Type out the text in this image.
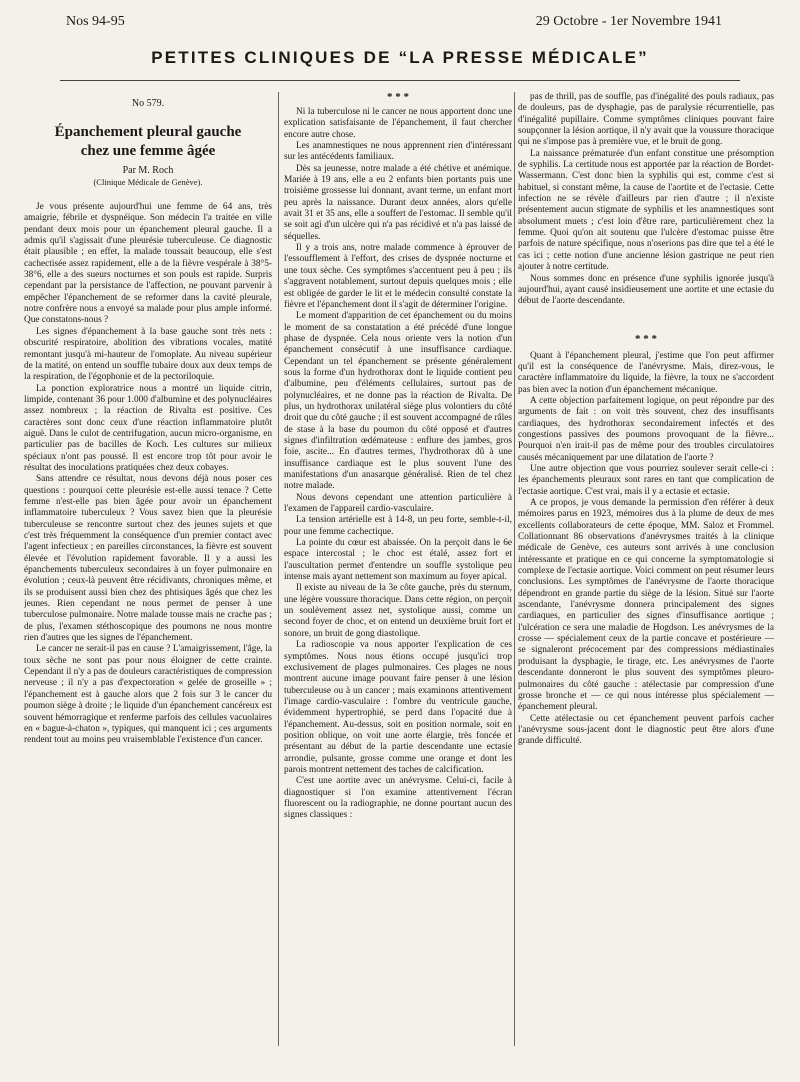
Nos 94-95	29 Octobre - 1er Novembre 1941
PETITES CLINIQUES DE “LA PRESSE MÉDICALE”
No 579.
Épanchement pleural gauche
chez une femme âgée
Par M. Roch
(Clinique Médicale de Genève).

Je vous présente aujourd'hui une femme de 64 ans, très amaigrie, fébrile et dyspnéique. Son médecin l'a traitée en ville pendant deux mois pour un épanchement pleural gauche. Il a admis qu'il s'agissait d'une pleurésie tuberculeuse. Ce diagnostic était plausible ; en effet, la malade toussait beaucoup, elle s'est cachectisée assez rapidement, elle a de la fièvre vespérale à 38°5-38°6, elle a des sueurs nocturnes et son pouls est rapide. Surpris cependant par la persistance de l'affection, ne pouvant parvenir à empêcher l'épanchement de se reformer dans la cavité pleurale, notre confrère nous a envoyé sa malade pour plus ample informé. Que constatons-nous ?

Les signes d'épanchement à la base gauche sont très nets : obscurité respiratoire, abolition des vibrations vocales, matité remontant jusqu'à mi-hauteur de l'omoplate. Au niveau supérieur de la matité, on entend un souffle tubaire doux aux deux temps de la respiration, de l'égophonie et de la pectoriloquie.

La ponction exploratrice nous a montré un liquide citrin, limpide, contenant 36 pour 1.000 d'albumine et des polynucléaires assez nombreux ; la réaction de Rivalta est positive. Ces caractères sont donc ceux d'une réaction inflammatoire plutôt aiguë. Dans le culot de centrifugation, aucun micro-organisme, en particulier pas de bacilles de Koch. Les cultures sur milieux spéciaux n'ont pas poussé. Il est encore trop tôt pour avoir le résultat des inoculations pratiquées chez deux cobayes.

Sans attendre ce résultat, nous devons déjà nous poser ces questions : pourquoi cette pleurésie est-elle aussi tenace ? Cette femme n'est-elle pas bien âgée pour avoir un épanchement inflammatoire tuberculeux ? Vous savez bien que la pleurésie tuberculeuse se rencontre surtout chez des jeunes sujets et que c'est très fréquemment la conséquence d'un premier contact avec l'agent infectieux ; en pareilles circonstances, la fièvre est souvent élevée et l'évolution rapidement favorable. Il y a aussi les épanchements tuberculeux secondaires à un foyer pulmonaire en évolution ; ceux-là peuvent être récidivants, chroniques même, et ils se produisent aussi bien chez des phtisiques âgés que chez les jeunes. Rien cependant ne nous permet de penser à une tuberculose pulmonaire. Notre malade tousse mais ne crache pas ; de plus, l'examen stéthoscopique des poumons ne nous montre rien d'autres que les signes de l'épanchement.

Le cancer ne serait-il pas en cause ? L'amaigrissement, l'âge, la toux sèche ne sont pas pour nous éloigner de cette crainte. Cependant il n'y a pas de douleurs caractéristiques de compression nerveuse ; il n'y a pas d'expectoration « gelée de groseille » ; l'épanchement est à gauche alors que 2 fois sur 3 le cancer du poumon siège à droite ; le liquide d'un épanchement cancéreux est souvent hémorragique et renferme parfois des cellules vacuolaires en « bague-à-chaton », typiques, qui manquent ici ; ces arguments rendent tout au moins peu vraisemblable l'existence d'un cancer.

* * *

Ni la tuberculose ni le cancer ne nous apportent donc une explication satisfaisante de l'épanchement, il faut chercher encore autre chose.

Les anamnestiques ne nous apprennent rien d'intéressant sur les antécédents familiaux.

Dès sa jeunesse, notre malade a été chétive et anémique. Mariée à 19 ans, elle a eu 2 enfants bien portants puis une troisième grossesse lui donnant, avant terme, un enfant mort peu après la naissance. Durant deux années, alors qu'elle avait 31 et 35 ans, elle a souffert de l'estomac. Il semble qu'il se soit agi d'un ulcère qui n'a pas récidivé et n'a pas laissé de séquelles.

Il y a trois ans, notre malade commence à éprouver de l'essoufflement à l'effort, des crises de dyspnée nocturne et une toux sèche. Ces symptômes s'accentuent peu à peu ; ils s'aggravent notablement, surtout depuis quelques mois ; elle est obligée de garder le lit et le médecin consulté constate la fièvre et l'épanchement dont il s'agit de déterminer l'origine.

Le moment d'apparition de cet épanchement ou du moins le moment de sa constatation a été précédé d'une longue phase de dyspnée. Cela nous oriente vers la notion d'un épanchement consécutif à une insuffisance cardiaque. Cependant un tel épanchement se présente généralement sous la forme d'un hydrothorax dont le liquide contient peu d'albumine, peu d'éléments cellulaires, surtout pas de polynucléaires, et ne donne pas la réaction de Rivalta. De plus, un hydrothorax unilatéral siège plus volontiers du côté droit que du côté gauche ; il est souvent accompagné de râles de stase à la base du poumon du côté opposé et d'autres signes d'infiltration œdémateuse : enflure des jambes, gros foie, ascite... En d'autres termes, l'hydrothorax dû à une insuffisance cardiaque est le plus souvent l'une des manifestations d'un anasarque généralisé. Rien de tel chez notre malade.

Nous devons cependant une attention particulière à l'examen de l'appareil cardio-vasculaire.

La tension artérielle est à 14-8, un peu forte, semble-t-il, pour une femme cachectique.

La pointe du cœur est abaissée. On la perçoit dans le 6e espace intercostal ; le choc est étalé, assez fort et l'auscultation permet d'entendre un souffle systolique peu intense mais ayant nettement son maximum au foyer apical.

Il existe au niveau de la 3e côte gauche, près du sternum, une légère voussure thoracique. Dans cette région, on perçoit un soulèvement assez net, systolique aussi, comme un second foyer de choc, et on entend un deuxième bruit fort et sonore, un bruit de gong diastolique.

La radioscopie va nous apporter l'explication de ces symptômes. Nous nous étions occupé jusqu'ici trop exclusivement de plages pulmonaires. Ces plages ne nous montrent aucune image pouvant faire penser à une lésion tuberculeuse ou à un cancer ; mais examinons attentivement l'image cardio-vasculaire : l'ombre du ventricule gauche, évidemment hypertrophié, se perd dans l'opacité due à l'épanchement. Au-dessus, soit en position normale, soit en position oblique, on voit une aorte élargie, très foncée et présentant au début de la partie descendante une ectasie arrondie, pulsante, grosse comme une orange et dont les parois montrent nettement des taches de calcification.

C'est une aortite avec un anévrysme. Celui-ci, facile à diagnostiquer si l'on examine attentivement l'écran fluorescent ou la radiographie, ne donne pourtant aucun des signes classiques :

pas de thrill, pas de souffle, pas d'inégalité des pouls radiaux, pas de douleurs, pas de dysphagie, pas de paralysie récurrentielle, pas d'inégalité pupillaire. Comme symptômes cliniques pouvant faire soupçonner la lésion aortique, il n'y avait que la voussure thoracique qui ne s'impose pas à première vue, et le bruit de gong.

La naissance prématurée d'un enfant constitue une présomption de syphilis. La certitude nous est apportée par la réaction de Bordet-Wassermann. C'est donc bien la syphilis qui est, comme c'est si habituel, si constant même, la cause de l'aortite et de l'ectasie. Cette infection ne se révèle d'ailleurs par rien d'autre ; il n'existe présentement aucun stigmate de syphilis et les anamnestiques sont absolument muets ; c'est loin d'être rare, particulièrement chez la femme. Quoi qu'on ait soutenu que l'ulcère d'estomac puisse être parfois de nature spécifique, nous n'oserions pas dire que tel a été le cas ici ; cette notion d'une ancienne lésion gastrique ne peut rien ajouter à notre certitude.

Nous sommes donc en présence d'une syphilis ignorée jusqu'à aujourd'hui, ayant causé insidieusement une aortite et une ectasie du début de l'aorte descendante.

* * *

Quant à l'épanchement pleural, j'estime que l'on peut affirmer qu'il est la conséquence de l'anévrysme. Mais, direz-vous, le caractère inflammatoire du liquide, la fièvre, la toux ne s'accordent pas bien avec la notion d'un épanchement mécanique.

A cette objection parfaitement logique, on peut répondre par des arguments de fait : on voit très souvent, chez des insuffisants cardiaques, des hydrothorax secondairement infectés et des congestions passives des poumons provoquant de la fièvre... Pourquoi n'en irait-il pas de même pour des troubles circulatoires causés mécaniquement par une dilatation de l'aorte ?

Une autre objection que vous pourriez soulever serait celle-ci : les épanchements pleuraux sont rares en tant que complication de l'ectasie aortique. C'est vrai, mais il y a ectasie et ectasie.

A ce propos, je vous demande la permission d'en référer à deux mémoires parus en 1923, mémoires dus à la plume de deux de mes excellents collaborateurs de cette époque, MM. Saloz et Frommel. Collationnant 86 observations d'anévrysmes traités à la clinique médicale de Genève, ces auteurs sont arrivés à une conclusion intéressante et pratique en ce qui concerne la symptomatologie si complexe de l'ectasie aortique. Voici comment on peut résumer leurs conclusions. Les symptômes de l'anévrysme de l'aorte thoracique dépendront en grande partie du siège de la lésion. Situé sur l'aorte ascendante, l'anévrysme donnera principalement des signes cardiaques, en particulier des signes d'insuffisance aortique ; l'ulcération ce sera une maladie de Hogdson. Les anévrysmes de la crosse — spécialement ceux de la partie concave et postérieure — se signaleront précocement par des compressions médiastinales produisant la dysphagie, le tirage, etc. Les anévrysmes de l'aorte descendante donneront le plus souvent des symptômes pleuro-pulmonaires du côté gauche : atélectasie par compression d'une grosse bronche et — ce qui nous intéresse plus spécialement — épanchement pleural.

Cette atélectasie ou cet épanchement peuvent parfois cacher l'anévrysme sous-jacent dont le diagnostic peut être alors d'une grande difficulté.
